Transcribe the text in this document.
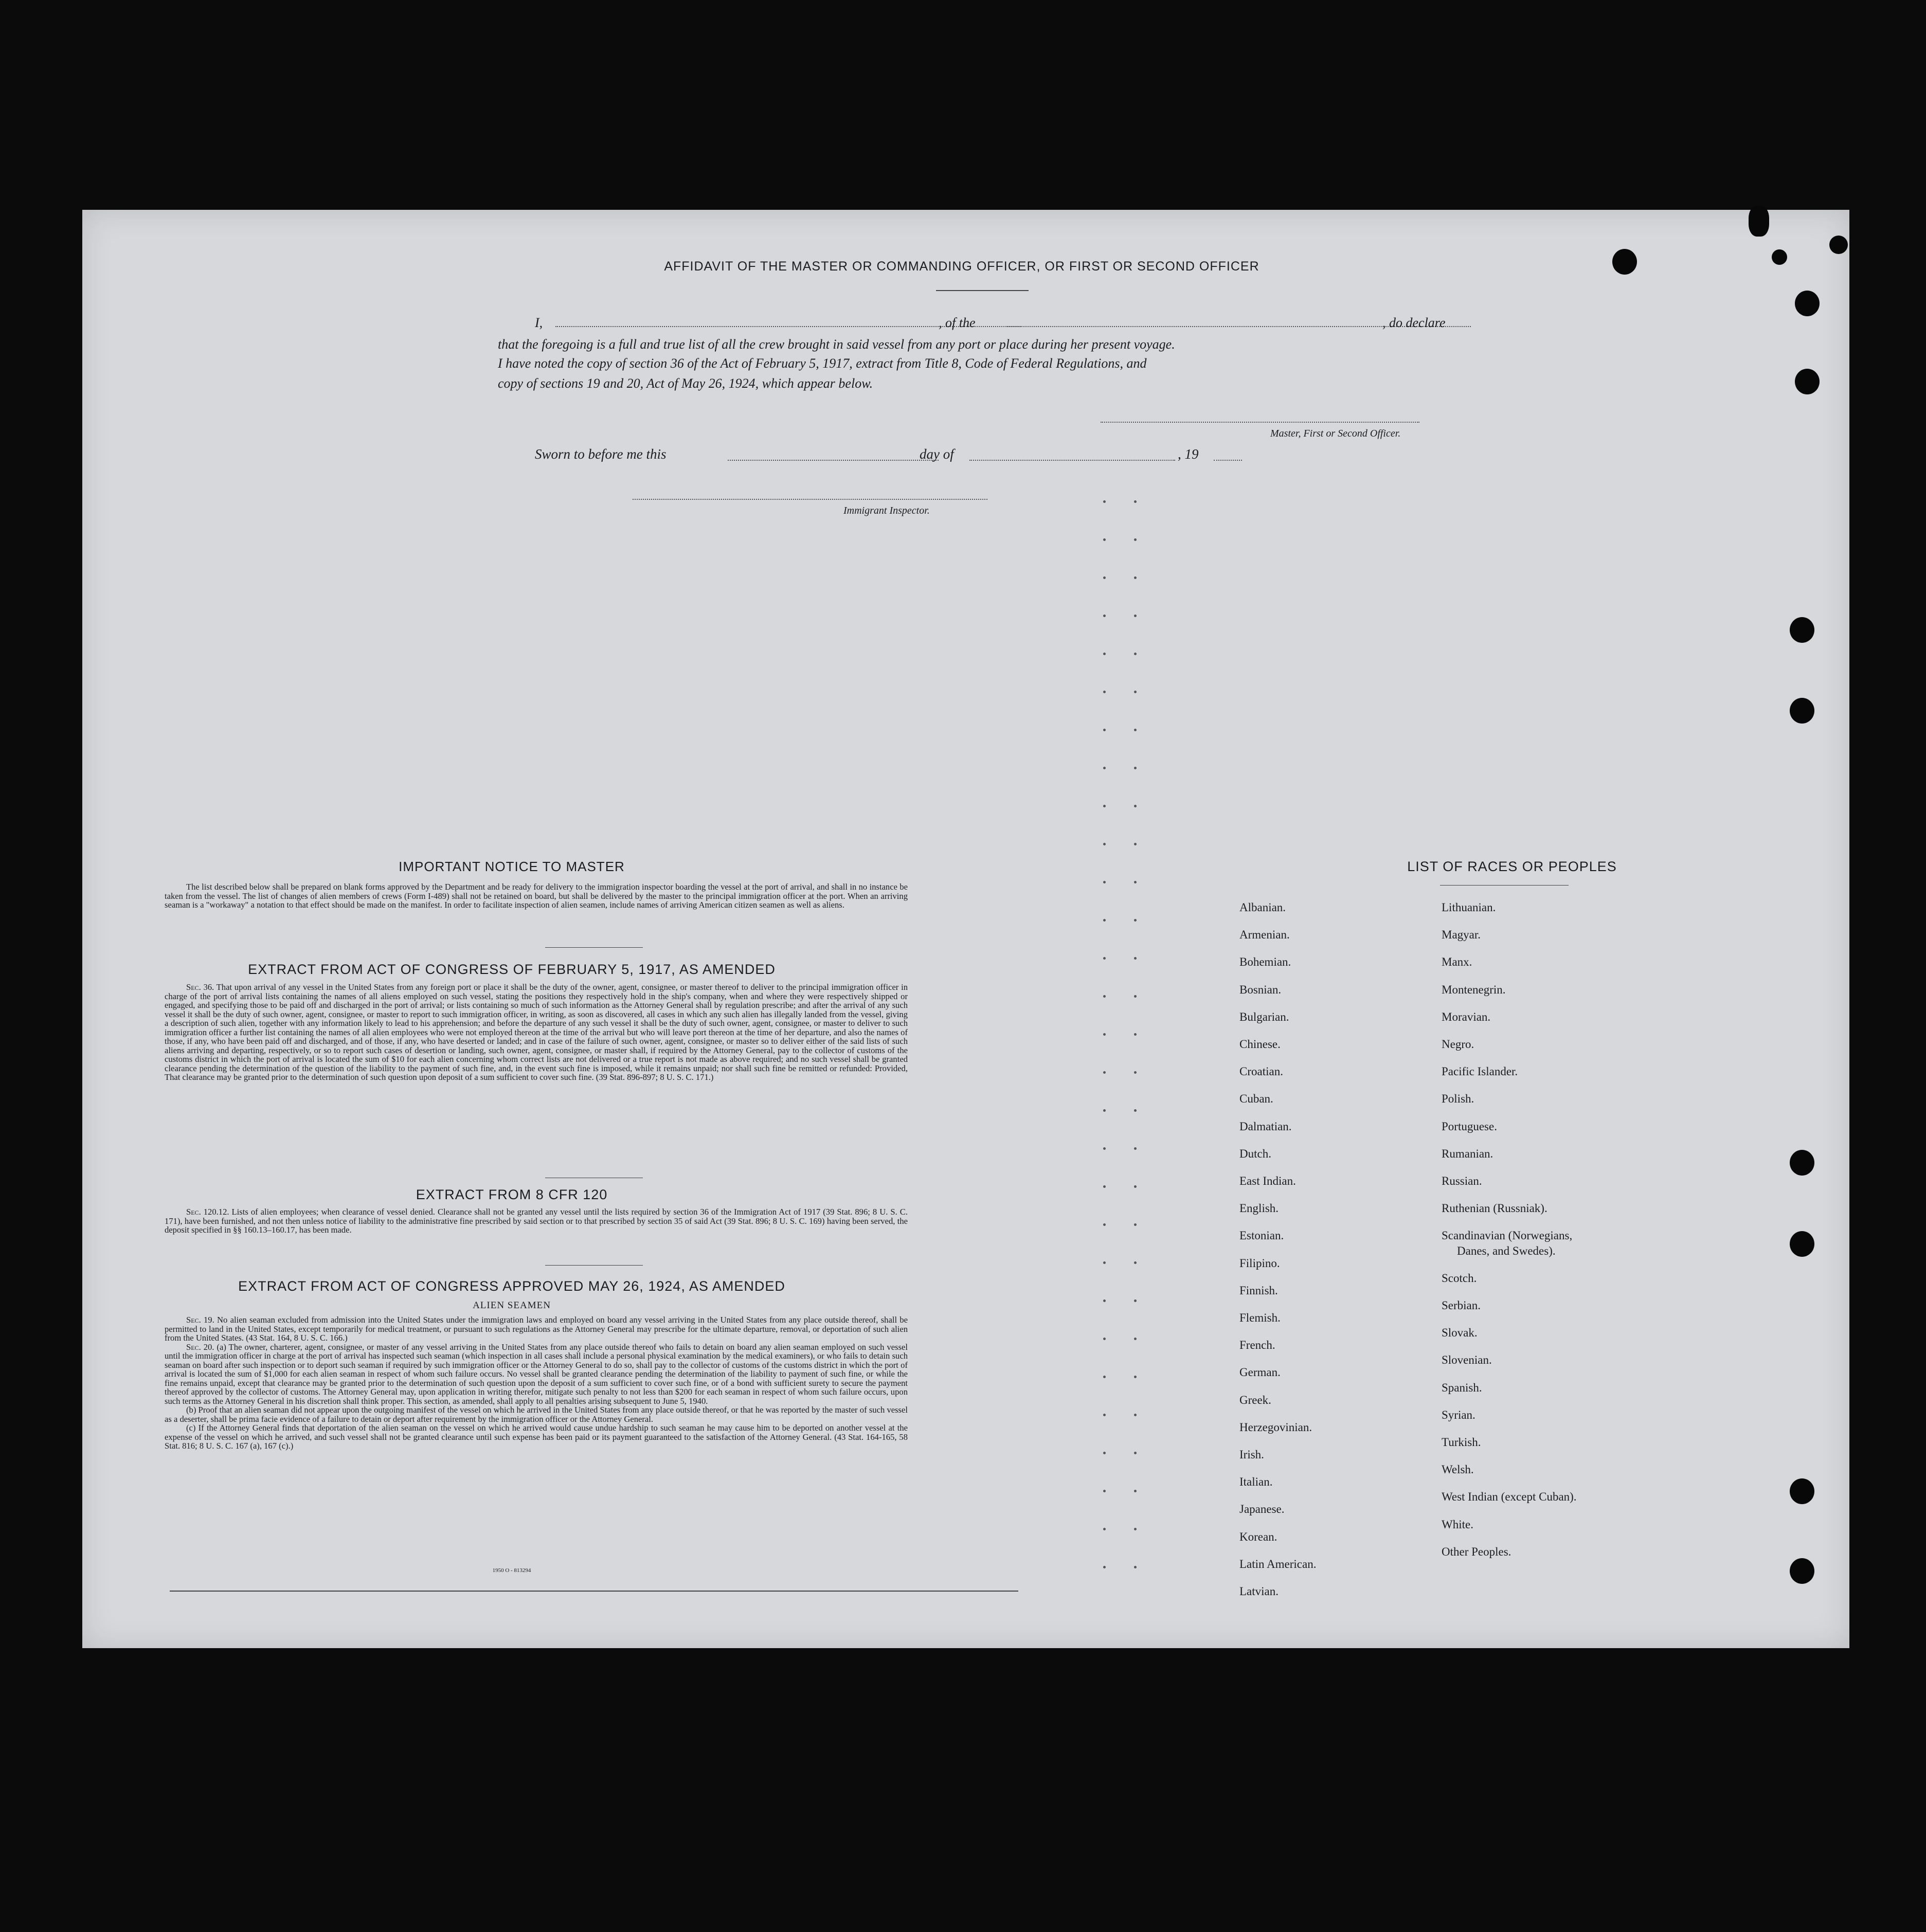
AFFIDAVIT OF THE MASTER OR COMMANDING OFFICER, OR FIRST OR SECOND OFFICER
I,	, of the	, do declare
that the foregoing is a full and true list of all the crew brought in said vessel from any port or place during her present voyage.
I have noted the copy of section 36 of the Act of February 5, 1917, extract from Title 8, Code of Federal Regulations, and
copy of sections 19 and 20, Act of May 26, 1924, which appear below.
Master, First or Second Officer.
Sworn to before me this	day of	, 19
Immigrant Inspector.
IMPORTANT NOTICE TO MASTER

The list described below shall be prepared on blank forms approved by the Department and be ready for delivery to the immigration inspector boarding the vessel at the port of arrival, and shall in no instance be taken from the vessel. The list of changes of alien members of crews (Form I-489) shall not be retained on board, but shall be delivered by the master to the principal immigration officer at the port. When an arriving seaman is a "workaway" a notation to that effect should be made on the manifest. In order to facilitate inspection of alien seamen, include names of arriving American citizen seamen as well as aliens.

EXTRACT FROM ACT OF CONGRESS OF FEBRUARY 5, 1917, AS AMENDED

Sec. 36. That upon arrival of any vessel in the United States from any foreign port or place it shall be the duty of the owner, agent, consignee, or master thereof to deliver to the principal immigration officer in charge of the port of arrival lists containing the names of all aliens employed on such vessel, stating the positions they respectively hold in the ship's company, when and where they were respectively shipped or engaged, and specifying those to be paid off and discharged in the port of arrival; or lists containing so much of such information as the Attorney General shall by regulation prescribe; and after the arrival of any such vessel it shall be the duty of such owner, agent, consignee, or master to report to such immigration officer, in writing, as soon as discovered, all cases in which any such alien has illegally landed from the vessel, giving a description of such alien, together with any information likely to lead to his apprehension; and before the departure of any such vessel it shall be the duty of such owner, agent, consignee, or master to deliver to such immigration officer a further list containing the names of all alien employees who were not employed thereon at the time of the arrival but who will leave port thereon at the time of her departure, and also the names of those, if any, who have been paid off and discharged, and of those, if any, who have deserted or landed; and in case of the failure of such owner, agent, consignee, or master so to deliver either of the said lists of such aliens arriving and departing, respectively, or so to report such cases of desertion or landing, such owner, agent, consignee, or master shall, if required by the Attorney General, pay to the collector of customs of the customs district in which the port of arrival is located the sum of $10 for each alien concerning whom correct lists are not delivered or a true report is not made as above required; and no such vessel shall be granted clearance pending the determination of the question of the liability to the payment of such fine, and, in the event such fine is imposed, while it remains unpaid; nor shall such fine be remitted or refunded: Provided, That clearance may be granted prior to the determination of such question upon deposit of a sum sufficient to cover such fine. (39 Stat. 896-897; 8 U. S. C. 171.)

EXTRACT FROM 8 CFR 120

Sec. 120.12. Lists of alien employees; when clearance of vessel denied. Clearance shall not be granted any vessel until the lists required by section 36 of the Immigration Act of 1917 (39 Stat. 896; 8 U. S. C. 171), have been furnished, and not then unless notice of liability to the administrative fine prescribed by said section or to that prescribed by section 35 of said Act (39 Stat. 896; 8 U. S. C. 169) having been served, the deposit specified in §§ 160.13–160.17, has been made.

EXTRACT FROM ACT OF CONGRESS APPROVED MAY 26, 1924, AS AMENDED
ALIEN SEAMEN

Sec. 19. No alien seaman excluded from admission into the United States under the immigration laws and employed on board any vessel arriving in the United States from any place outside thereof, shall be permitted to land in the United States, except temporarily for medical treatment, or pursuant to such regulations as the Attorney General may prescribe for the ultimate departure, removal, or deportation of such alien from the United States. (43 Stat. 164, 8 U. S. C. 166.)

Sec. 20. (a) The owner, charterer, agent, consignee, or master of any vessel arriving in the United States from any place outside thereof who fails to detain on board any alien seaman employed on such vessel until the immigration officer in charge at the port of arrival has inspected such seaman (which inspection in all cases shall include a personal physical examination by the medical examiners), or who fails to detain such seaman on board after such inspection or to deport such seaman if required by such immigration officer or the Attorney General to do so, shall pay to the collector of customs of the customs district in which the port of arrival is located the sum of $1,000 for each alien seaman in respect of whom such failure occurs. No vessel shall be granted clearance pending the determination of the liability to payment of such fine, or while the fine remains unpaid, except that clearance may be granted prior to the determination of such question upon the deposit of a sum sufficient to cover such fine, or of a bond with sufficient surety to secure the payment thereof approved by the collector of customs. The Attorney General may, upon application in writing therefor, mitigate such penalty to not less than $200 for each seaman in respect of whom such failure occurs, upon such terms as the Attorney General in his discretion shall think proper. This section, as amended, shall apply to all penalties arising subsequent to June 5, 1940.

(b) Proof that an alien seaman did not appear upon the outgoing manifest of the vessel on which he arrived in the United States from any place outside thereof, or that he was reported by the master of such vessel as a deserter, shall be prima facie evidence of a failure to detain or deport after requirement by the immigration officer or the Attorney General.

(c) If the Attorney General finds that deportation of the alien seaman on the vessel on which he arrived would cause undue hardship to such seaman he may cause him to be deported on another vessel at the expense of the vessel on which he arrived, and such vessel shall not be granted clearance until such expense has been paid or its payment guaranteed to the satisfaction of the Attorney General. (43 Stat. 164-165, 58 Stat. 816; 8 U. S. C. 167 (a), 167 (c).)

1950 O - 813294
LIST OF RACES OR PEOPLES
Albanian.
Armenian.
Bohemian.
Bosnian.
Bulgarian.
Chinese.
Croatian.
Cuban.
Dalmatian.
Dutch.
East Indian.
English.
Estonian.
Filipino.
Finnish.
Flemish.
French.
German.
Greek.
Herzegovinian.
Irish.
Italian.
Japanese.
Korean.
Latin American.
Latvian.
Lithuanian.
Magyar.
Manx.
Montenegrin.
Moravian.
Negro.
Pacific Islander.
Polish.
Portuguese.
Rumanian.
Russian.
Ruthenian (Russniak).
Scandinavian (Norwegians,
Danes, and Swedes).
Scotch.
Serbian.
Slovak.
Slovenian.
Spanish.
Syrian.
Turkish.
Welsh.
West Indian (except Cuban).
White.
Other Peoples.
